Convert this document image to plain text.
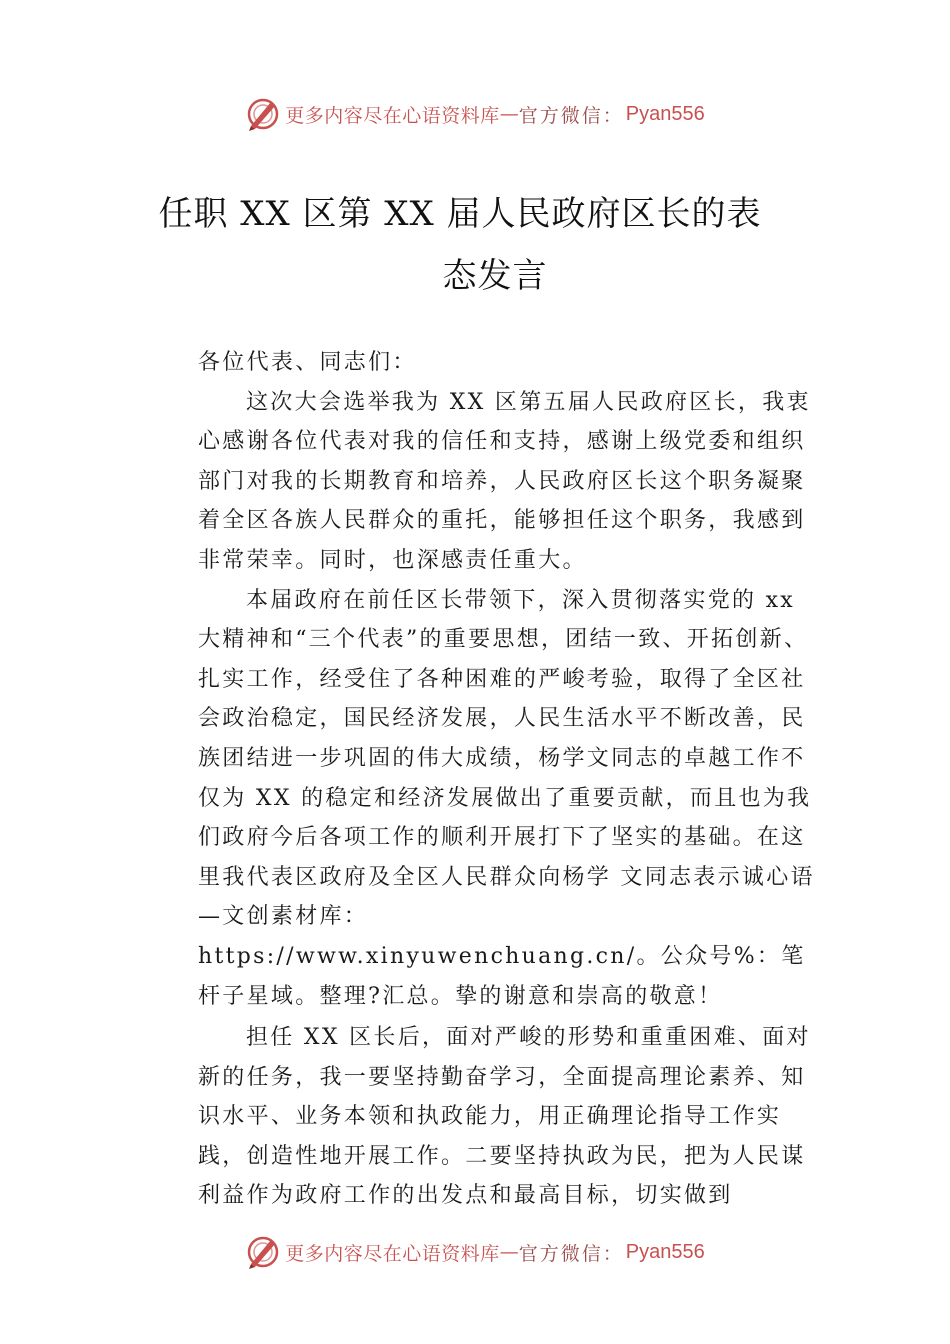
更多内容尽在心语资料库 — 官方微信： Pyan556
任职 XX 区第 XX 届人民政府区长的表
态发言

各位代表、同志们：

这次大会选举我为 XX 区第五届人民政府区长，我衷心感谢各位代表对我的信任和支持，感谢上级党委和组织部门对我的长期教育和培养，人民政府区长这个职务凝聚着全区各族人民群众的重托，能够担任这个职务，我感到非常荣幸。同时，也深感责任重大。

本届政府在前任区长带领下，深入贯彻落实党的 xx 大精神和“三个代表”的重要思想，团结一致、开拓创新、扎实工作，经受住了各种困难的严峻考验，取得了全区社会政治稳定，国民经济发展，人民生活水平不断改善，民族团结进一步巩固的伟大成绩，杨学文同志的卓越工作不仅为 XX 的稳定和经济发展做出了重要贡献，而且也为我们政府今后各项工作的顺利开展打下了坚实的基础。在这里我代表区政府及全区人民群众向杨学 文同志表示诚心语—文创素材库：https://www.xinyuwenchuang.cn/。公众号%：笔杆子星域。整理?汇总。挚的谢意和崇高的敬意！

担任 XX 区长后，面对严峻的形势和重重困难、面对新的任务，我一要坚持勤奋学习，全面提高理论素养、知识水平、业务本领和执政能力，用正确理论指导工作实践，创造性地开展工作。二要坚持执政为民，把为人民谋利益作为政府工作的出发点和最高目标，切实做到

更多内容尽在心语资料库 — 官方微信： Pyan556
